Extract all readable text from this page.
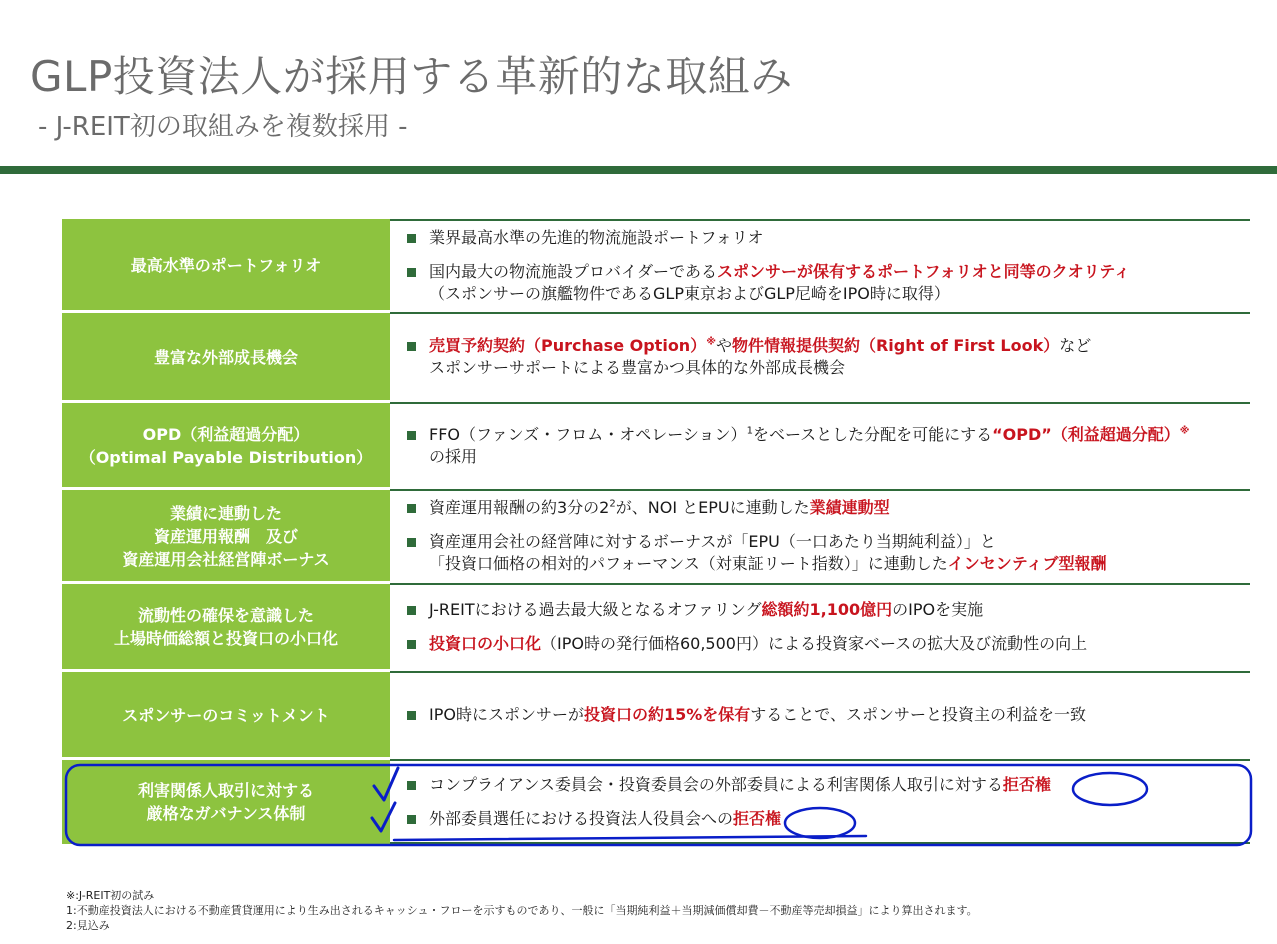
GLP投資法人が採用する革新的な取組み
- J-REIT初の取組みを複数採用 -
最高水準のポートフォリオ
業界最高水準の先進的物流施設ポートフォリオ
国内最大の物流施設プロバイダーであるスポンサーが保有するポートフォリオと同等のクオリティ
（スポンサーの旗艦物件であるGLP東京およびGLP尼崎をIPO時に取得）
豊富な外部成長機会
売買予約契約（Purchase Option）※や物件情報提供契約（Right of First Look）など
スポンサーサポートによる豊富かつ具体的な外部成長機会
OPD（利益超過分配）
（Optimal Payable Distribution）
FFO（ファンズ・フロム・オペレーション）$^1$をベースとした分配を可能にする“OPD”（利益超過分配）※
の採用
業績に連動した
資産運用報酬　及び
資産運用会社経営陣ボーナス
資産運用報酬の約3分の$2^2$が、NOI とEPUに連動した業績連動型
資産運用会社の経営陣に対するボーナスが「EPU（一口あたり当期純利益）」と
「投資口価格の相対的パフォーマンス（対東証リート指数）」に連動したインセンティブ型報酬
流動性の確保を意識した
上場時価総額と投資口の小口化
J-REITにおける過去最大級となるオファリング総額約1,100億円のIPOを実施
投資口の小口化（IPO時の発行価格60,500円）による投資家ベースの拡大及び流動性の向上
スポンサーのコミットメント	IPO時にスポンサーが投資口の約15%を保有することで、スポンサーと投資主の利益を一致
利害関係人取引に対する
厳格なガバナンス体制
コンプライアンス委員会・投資委員会の外部委員による利害関係人取引に対する拒否権
外部委員選任における投資法人役員会への拒否権
※:J-REIT初の試み
1:不動産投資法人における不動産賃貸運用により生み出されるキャッシュ・フローを示すものであり、一般に「当期純利益＋当期減価償却費－不動産等売却損益」により算出されます。
2:見込み
